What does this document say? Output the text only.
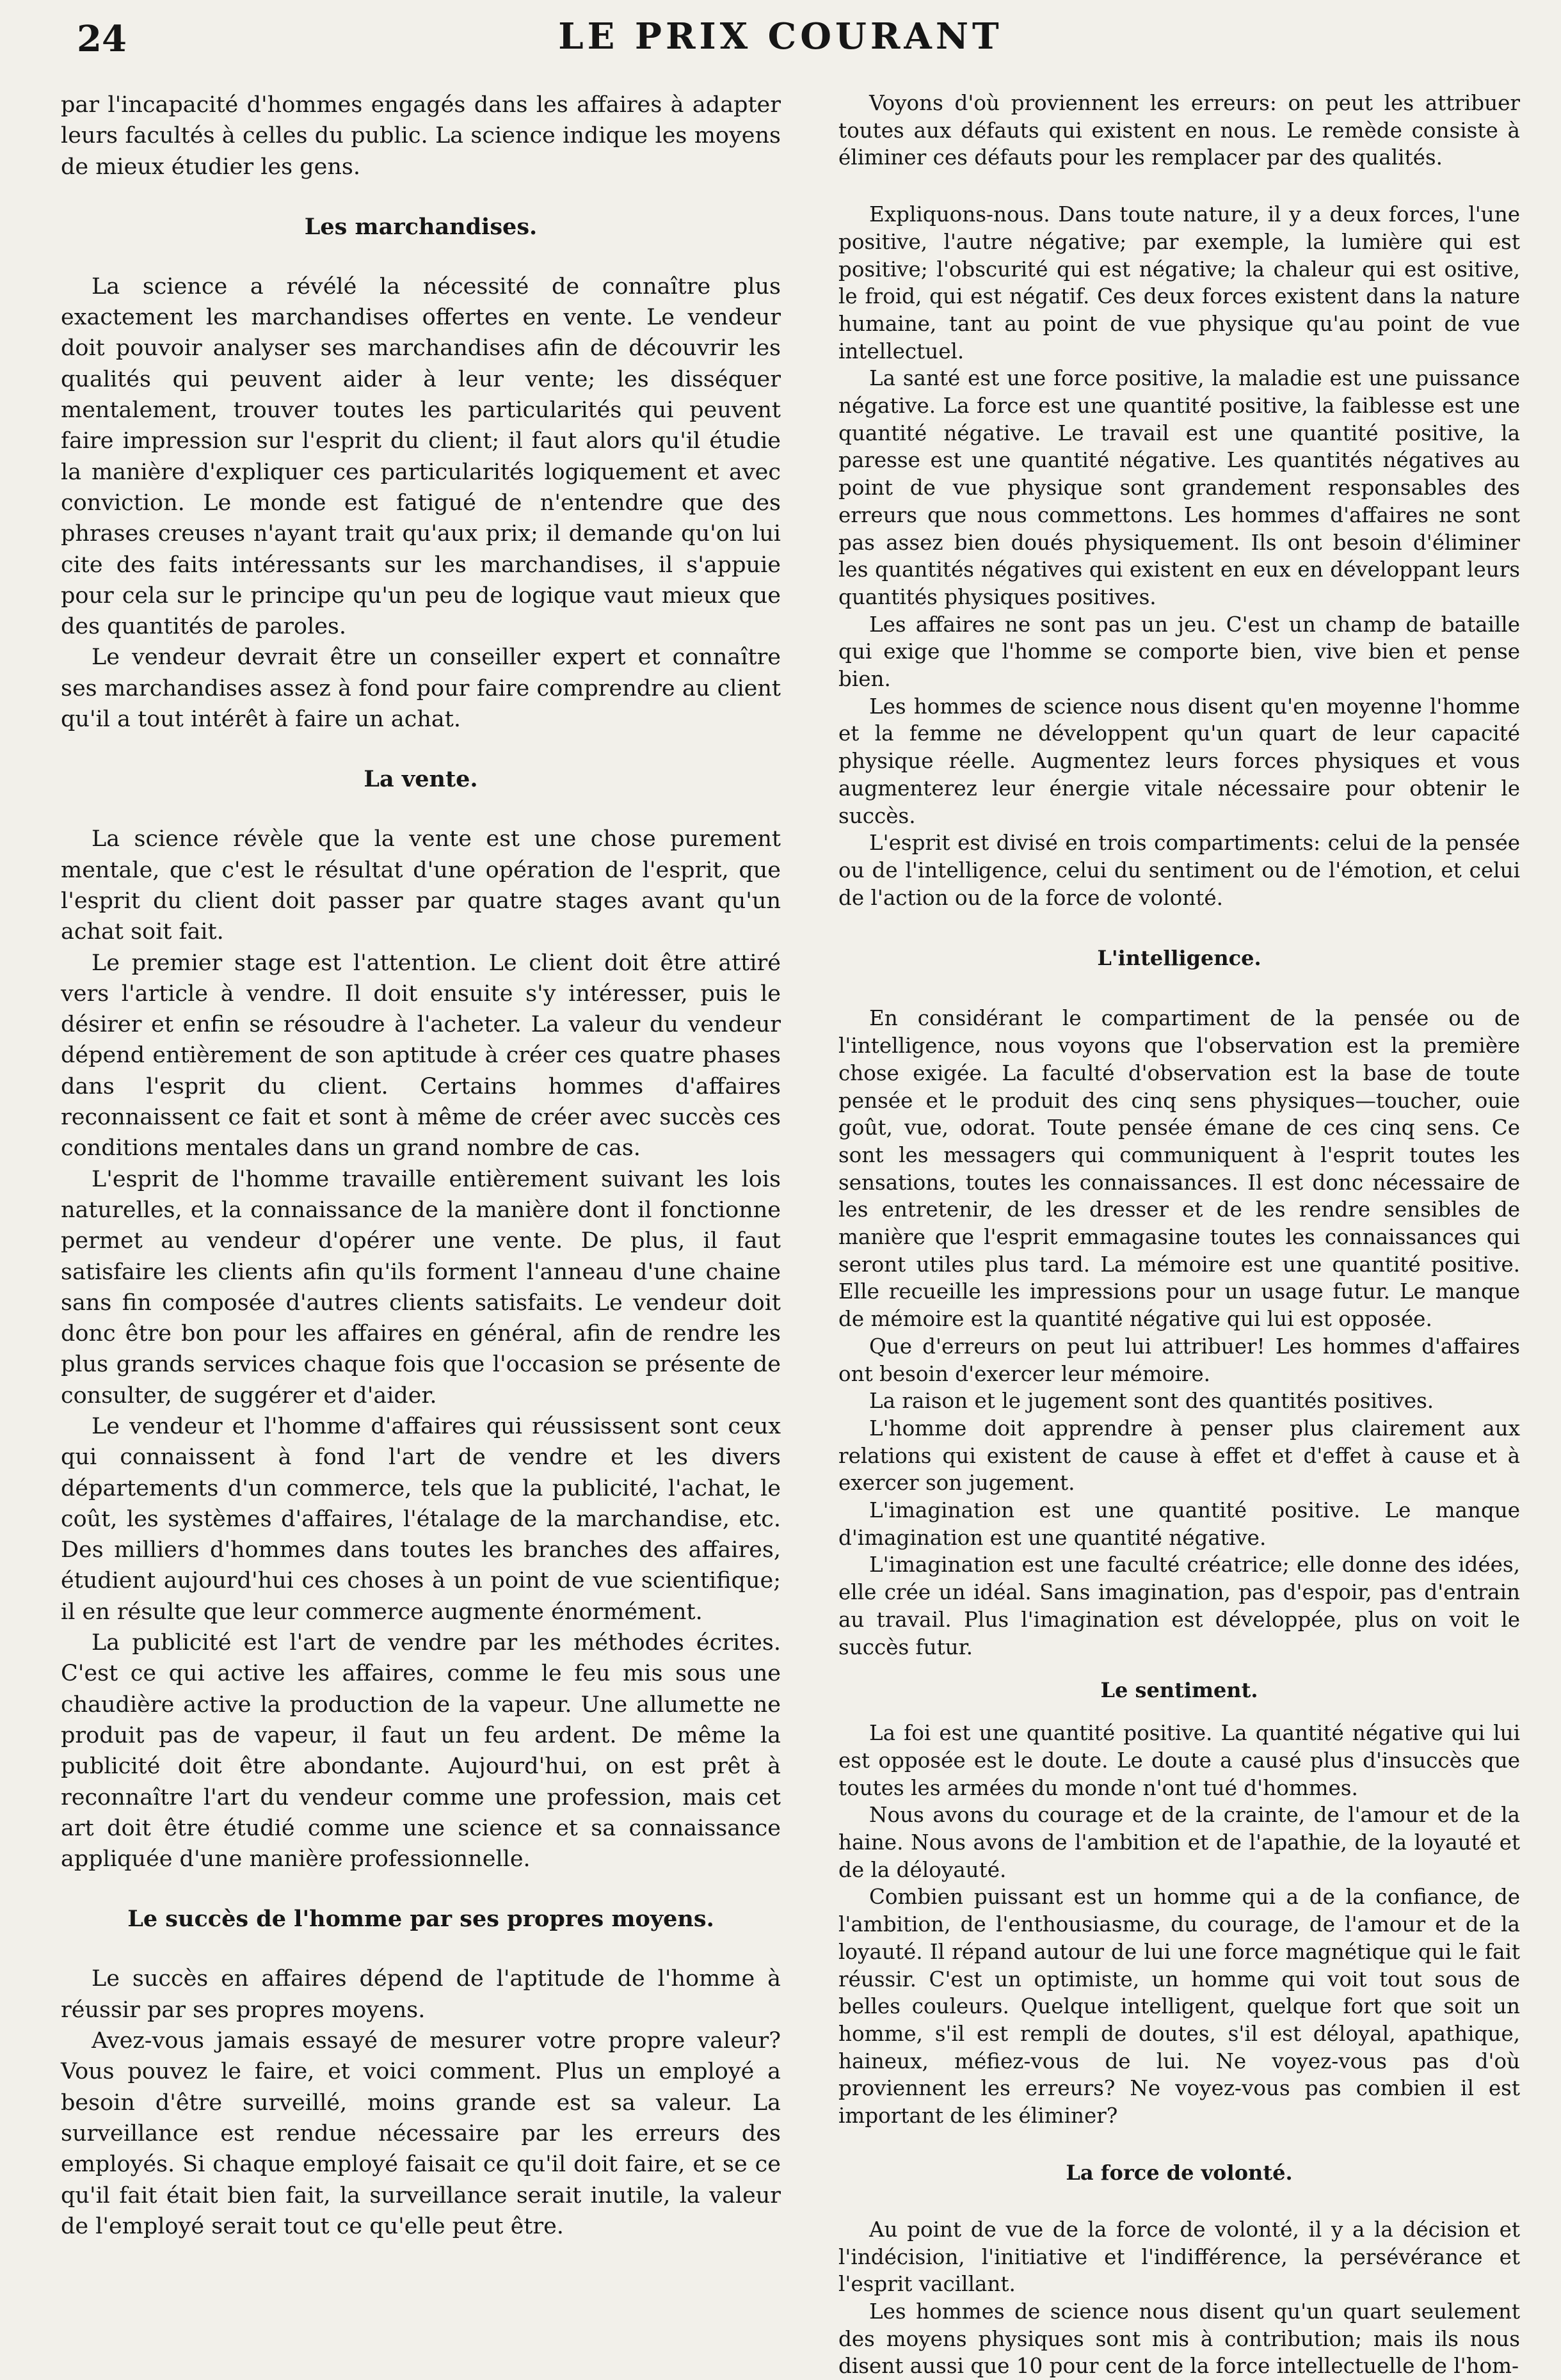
24	LE PRIX COURANT

par l'incapacité d'hommes engagés dans les affaires à adapter leurs facultés à celles du public. La science indique les moyens de mieux étudier les gens.

Les marchandises.

La science a révélé la nécessité de connaître plus exactement les marchandises offertes en vente. Le vendeur doit pouvoir analyser ses marchandises afin de découvrir les qualités qui peuvent aider à leur vente; les disséquer mentalement, trouver toutes les particularités qui peuvent faire impression sur l'esprit du client; il faut alors qu'il étudie la manière d'expliquer ces particularités logiquement et avec conviction. Le monde est fatigué de n'entendre que des phrases creuses n'ayant trait qu'aux prix; il demande qu'on lui cite des faits intéressants sur les marchandises, il s'appuie pour cela sur le principe qu'un peu de logique vaut mieux que des quantités de paroles.

Le vendeur devrait être un conseiller expert et connaître ses marchandises assez à fond pour faire comprendre au client qu'il a tout intérêt à faire un achat.

La vente.

La science révèle que la vente est une chose purement mentale, que c'est le résultat d'une opération de l'esprit, que l'esprit du client doit passer par quatre stages avant qu'un achat soit fait.

Le premier stage est l'attention. Le client doit être attiré vers l'article à vendre. Il doit ensuite s'y intéresser, puis le désirer et enfin se résoudre à l'acheter. La valeur du vendeur dépend entièrement de son aptitude à créer ces quatre phases dans l'esprit du client. Certains hommes d'affaires reconnaissent ce fait et sont à même de créer avec succès ces conditions mentales dans un grand nombre de cas.

L'esprit de l'homme travaille entièrement suivant les lois naturelles, et la connaissance de la manière dont il fonctionne permet au vendeur d'opérer une vente. De plus, il faut satisfaire les clients afin qu'ils forment l'anneau d'une chaine sans fin composée d'autres clients satisfaits. Le vendeur doit donc être bon pour les affaires en général, afin de rendre les plus grands services chaque fois que l'occasion se présente de consulter, de suggérer et d'aider.

Le vendeur et l'homme d'affaires qui réussissent sont ceux qui connaissent à fond l'art de vendre et les divers départements d'un commerce, tels que la publicité, l'achat, le coût, les systèmes d'affaires, l'étalage de la marchandise, etc. Des milliers d'hommes dans toutes les branches des affaires, étudient aujourd'hui ces choses à un point de vue scientifique; il en résulte que leur commerce augmente énormément.

La publicité est l'art de vendre par les méthodes écrites. C'est ce qui active les affaires, comme le feu mis sous une chaudière active la production de la vapeur. Une allumette ne produit pas de vapeur, il faut un feu ardent. De même la publicité doit être abondante. Aujourd'hui, on est prêt à reconnaître l'art du vendeur comme une profession, mais cet art doit être étudié comme une science et sa connaissance appliquée d'une manière professionnelle.

Le succès de l'homme par ses propres moyens.

Le succès en affaires dépend de l'aptitude de l'homme à réussir par ses propres moyens.

Avez-vous jamais essayé de mesurer votre propre valeur? Vous pouvez le faire, et voici comment. Plus un employé a besoin d'être surveillé, moins grande est sa valeur. La surveillance est rendue nécessaire par les erreurs des employés. Si chaque employé faisait ce qu'il doit faire, et se ce qu'il fait était bien fait, la surveillance serait inutile, la valeur de l'employé serait tout ce qu'elle peut être.

Voyons d'où proviennent les erreurs: on peut les attribuer toutes aux défauts qui existent en nous. Le remède consiste à éliminer ces défauts pour les remplacer par des qualités.

Expliquons-nous. Dans toute nature, il y a deux forces, l'une positive, l'autre négative; par exemple, la lumière qui est positive; l'obscurité qui est négative; la chaleur qui est ositive, le froid, qui est négatif. Ces deux forces existent dans la nature humaine, tant au point de vue physique qu'au point de vue intellectuel.

La santé est une force positive, la maladie est une puissance négative. La force est une quantité positive, la faiblesse est une quantité négative. Le travail est une quantité positive, la paresse est une quantité négative. Les quantités négatives au point de vue physique sont grandement responsables des erreurs que nous commettons. Les hommes d'affaires ne sont pas assez bien doués physiquement. Ils ont besoin d'éliminer les quantités négatives qui existent en eux en développant leurs quantités physiques positives.

Les affaires ne sont pas un jeu. C'est un champ de bataille qui exige que l'homme se comporte bien, vive bien et pense bien.

Les hommes de science nous disent qu'en moyenne l'homme et la femme ne développent qu'un quart de leur capacité physique réelle. Augmentez leurs forces physiques et vous augmenterez leur énergie vitale nécessaire pour obtenir le succès.

L'esprit est divisé en trois compartiments: celui de la pensée ou de l'intelligence, celui du sentiment ou de l'émotion, et celui de l'action ou de la force de volonté.

L'intelligence.

En considérant le compartiment de la pensée ou de l'intelligence, nous voyons que l'observation est la première chose exigée. La faculté d'observation est la base de toute pensée et le produit des cinq sens physiques—toucher, ouie goût, vue, odorat. Toute pensée émane de ces cinq sens. Ce sont les messagers qui communiquent à l'esprit toutes les sensations, toutes les connaissances. Il est donc nécessaire de les entretenir, de les dresser et de les rendre sensibles de manière que l'esprit emmagasine toutes les connaissances qui seront utiles plus tard. La mémoire est une quantité positive. Elle recueille les impressions pour un usage futur. Le manque de mémoire est la quantité négative qui lui est opposée.

Que d'erreurs on peut lui attribuer! Les hommes d'affaires ont besoin d'exercer leur mémoire.

La raison et le jugement sont des quantités positives.

L'homme doit apprendre à penser plus clairement aux relations qui existent de cause à effet et d'effet à cause et à exercer son jugement.

L'imagination est une quantité positive. Le manque d'imagination est une quantité négative.

L'imagination est une faculté créatrice; elle donne des idées, elle crée un idéal. Sans imagination, pas d'espoir, pas d'entrain au travail. Plus l'imagination est développée, plus on voit le succès futur.

Le sentiment.

La foi est une quantité positive. La quantité négative qui lui est opposée est le doute. Le doute a causé plus d'insuccès que toutes les armées du monde n'ont tué d'hommes.

Nous avons du courage et de la crainte, de l'amour et de la haine. Nous avons de l'ambition et de l'apathie, de la loyauté et de la déloyauté.

Combien puissant est un homme qui a de la confiance, de l'ambition, de l'enthousiasme, du courage, de l'amour et de la loyauté. Il répand autour de lui une force magnétique qui le fait réussir. C'est un optimiste, un homme qui voit tout sous de belles couleurs. Quelque intelligent, quelque fort que soit un homme, s'il est rempli de doutes, s'il est déloyal, apathique, haineux, méfiez-vous de lui. Ne voyez-vous pas d'où proviennent les erreurs? Ne voyez-vous pas combien il est important de les éliminer?

La force de volonté.

Au point de vue de la force de volonté, il y a la décision et l'indécision, l'initiative et l'indifférence, la persévérance et l'esprit vacillant.

Les hommes de science nous disent qu'un quart seulement des moyens physiques sont mis à contribution; mais ils nous disent aussi que 10 pour cent de la force intellectuelle de l'hom-
